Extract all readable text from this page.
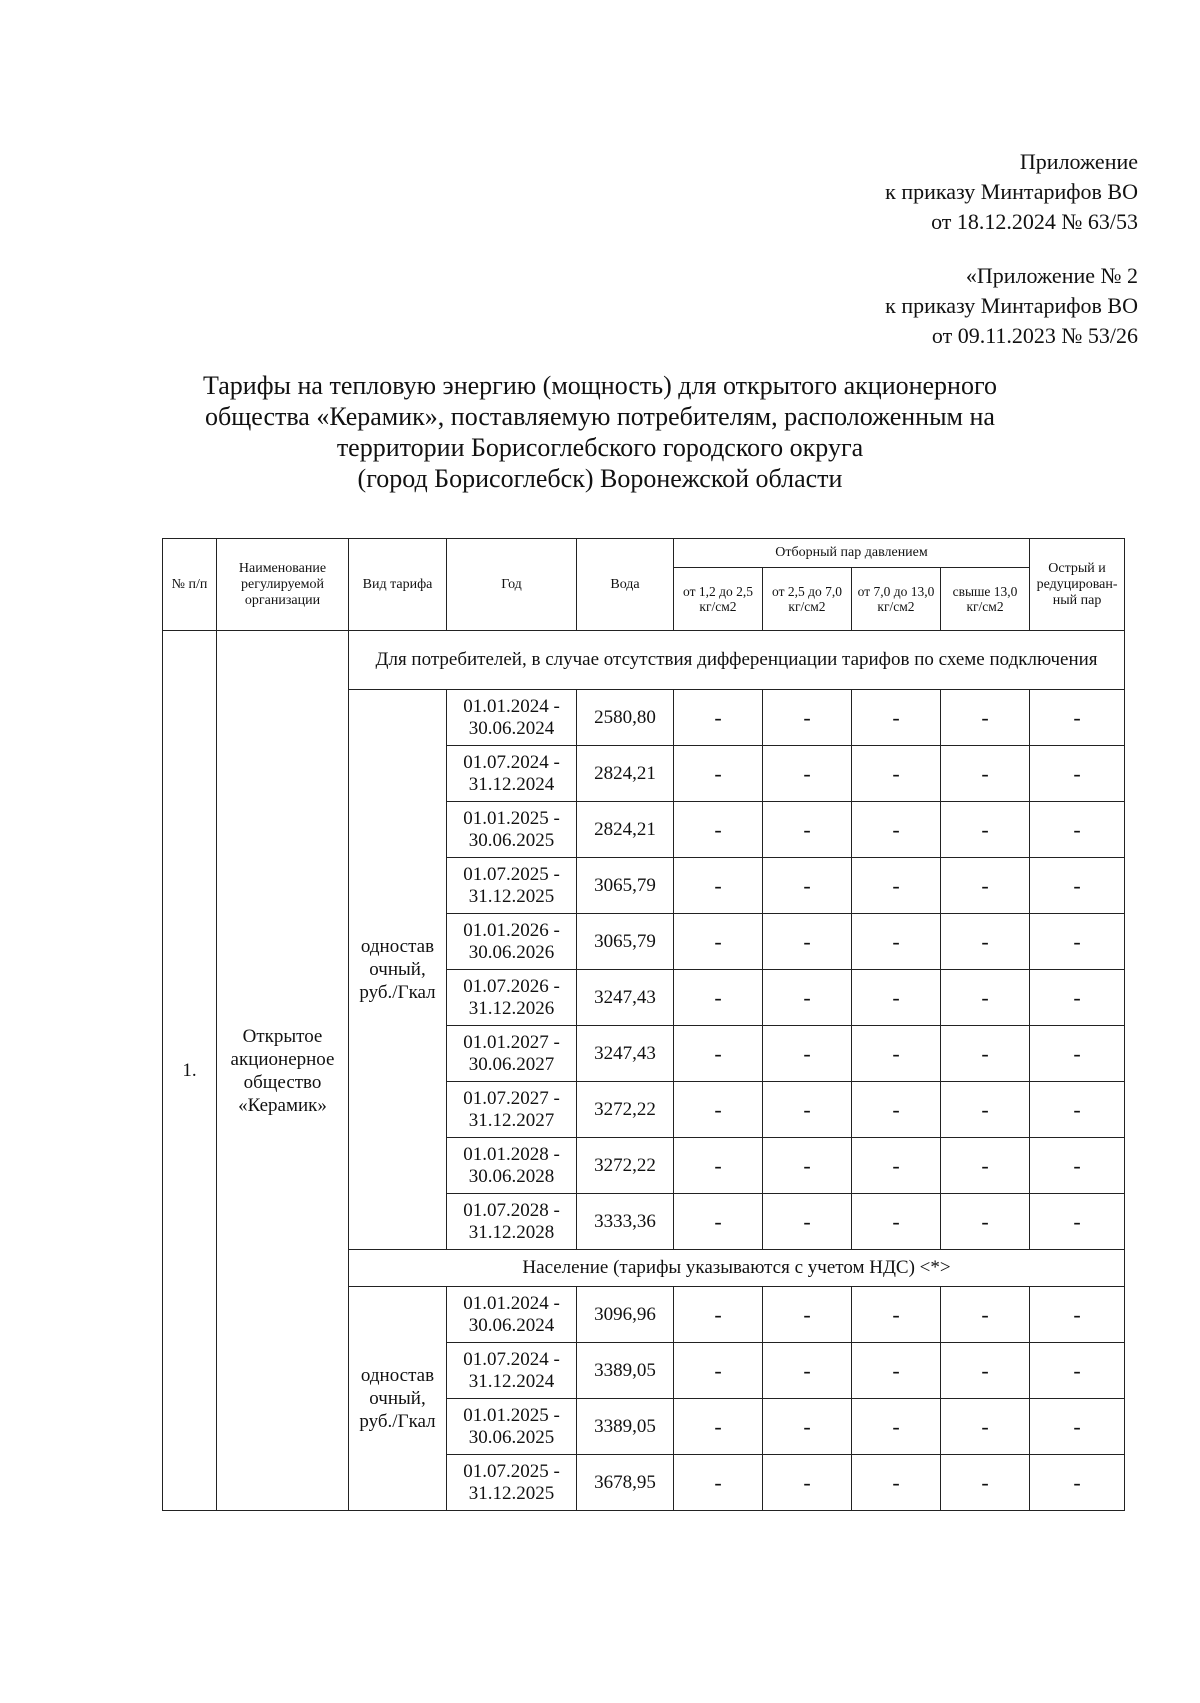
Приложение
к приказу Минтарифов ВО
от 18.12.2024 № 63/53
«Приложение № 2
к приказу Минтарифов ВО
от 09.11.2023 № 53/26
Тарифы на тепловую энергию (мощность) для открытого акционерного
общества «Керамик», поставляемую потребителям, расположенным на
территории Борисоглебского городского округа
(город Борисоглебск) Воронежской области
№ п/п	Наименование регулируемой организации	Вид тарифа	Год	Вода	Отборный пар давлением				Острый и редуцирован-ный пар
					от 1,2 до 2,5 кг/см2	от 2,5 до 7,0 кг/см2	от 7,0 до 13,0 кг/см2	свыше 13,0 кг/см2	
1.	Открытое акционерное общество «Керамик»	Для потребителей, в случае отсутствия дифференциации тарифов по схеме подключения							
		одностав очный, руб./Гкал	01.01.2024 - 30.06.2024	2580,80	-	-	-	-	-
			01.07.2024 - 31.12.2024	2824,21	-	-	-	-	-
			01.01.2025 - 30.06.2025	2824,21	-	-	-	-	-
			01.07.2025 - 31.12.2025	3065,79	-	-	-	-	-
			01.01.2026 - 30.06.2026	3065,79	-	-	-	-	-
			01.07.2026 - 31.12.2026	3247,43	-	-	-	-	-
			01.01.2027 - 30.06.2027	3247,43	-	-	-	-	-
			01.07.2027 - 31.12.2027	3272,22	-	-	-	-	-
			01.01.2028 - 30.06.2028	3272,22	-	-	-	-	-
			01.07.2028 - 31.12.2028	3333,36	-	-	-	-	-
		Население (тарифы указываются с учетом НДС) <*>							
		одностав очный, руб./Гкал	01.01.2024 - 30.06.2024	3096,96	-	-	-	-	-
			01.07.2024 - 31.12.2024	3389,05	-	-	-	-	-
			01.01.2025 - 30.06.2025	3389,05	-	-	-	-	-
			01.07.2025 - 31.12.2025	3678,95	-	-	-	-	-
